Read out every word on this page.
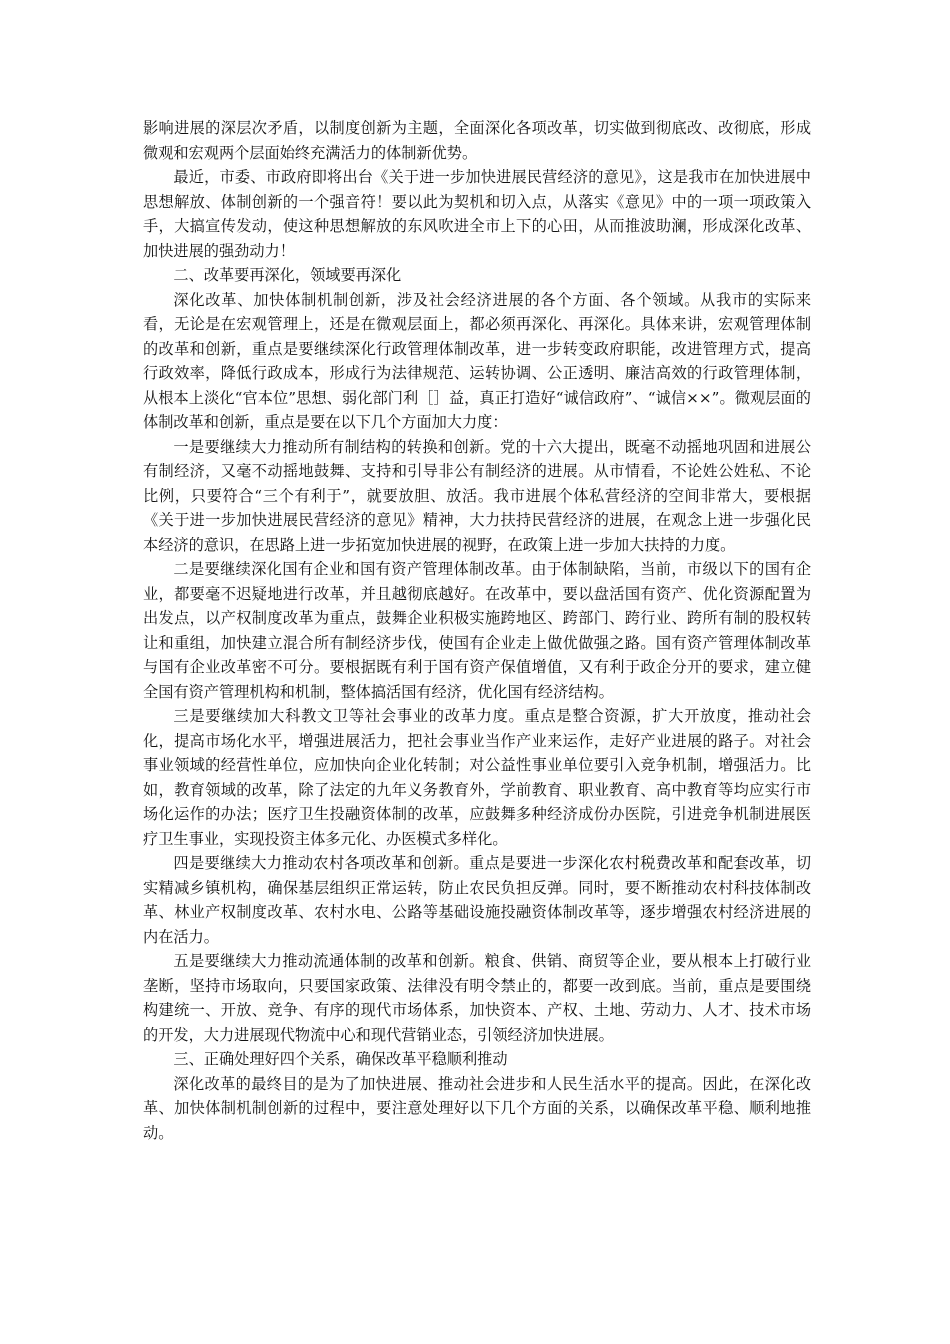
影响进展的深层次矛盾，以制度创新为主题，全面深化各项改革，切实做到彻底改、改彻底，形成微观和宏观两个层面始终充满活力的体制新优势。

最近，市委、市政府即将出台《关于进一步加快进展民营经济的意见》，这是我市在加快进展中思想解放、体制创新的一个强音符！要以此为契机和切入点，从落实《意见》中的一项一项政策入手，大搞宣传发动，使这种思想解放的东风吹进全市上下的心田，从而推波助澜，形成深化改革、加快进展的强劲动力！

二、改革要再深化，领域要再深化

深化改革、加快体制机制创新，涉及社会经济进展的各个方面、各个领域。从我市的实际来看，无论是在宏观管理上，还是在微观层面上，都必须再深化、再深化。具体来讲，宏观管理体制的改革和创新，重点是要继续深化行政管理体制改革，进一步转变政府职能，改进管理方式，提高行政效率，降低行政成本，形成行为法律规范、运转协调、公正透明、廉洁高效的行政管理体制，从根本上淡化“官本位”思想、弱化部门利［］益，真正打造好“诚信政府”、“诚信××”。微观层面的体制改革和创新，重点是要在以下几个方面加大力度：

一是要继续大力推动所有制结构的转换和创新。党的十六大提出，既毫不动摇地巩固和进展公有制经济，又毫不动摇地鼓舞、支持和引导非公有制经济的进展。从市情看，不论姓公姓私、不论比例，只要符合“三个有利于”，就要放胆、放活。我市进展个体私营经济的空间非常大，要根据《关于进一步加快进展民营经济的意见》精神，大力扶持民营经济的进展，在观念上进一步强化民本经济的意识，在思路上进一步拓宽加快进展的视野，在政策上进一步加大扶持的力度。

二是要继续深化国有企业和国有资产管理体制改革。由于体制缺陷，当前，市级以下的国有企业，都要毫不迟疑地进行改革，并且越彻底越好。在改革中，要以盘活国有资产、优化资源配置为出发点，以产权制度改革为重点，鼓舞企业积极实施跨地区、跨部门、跨行业、跨所有制的股权转让和重组，加快建立混合所有制经济步伐，使国有企业走上做优做强之路。国有资产管理体制改革与国有企业改革密不可分。要根据既有利于国有资产保值增值，又有利于政企分开的要求，建立健全国有资产管理机构和机制，整体搞活国有经济，优化国有经济结构。

三是要继续加大科教文卫等社会事业的改革力度。重点是整合资源，扩大开放度，推动社会化，提高市场化水平，增强进展活力，把社会事业当作产业来运作，走好产业进展的路子。对社会事业领域的经营性单位，应加快向企业化转制；对公益性事业单位要引入竞争机制，增强活力。比如，教育领域的改革，除了法定的九年义务教育外，学前教育、职业教育、高中教育等均应实行市场化运作的办法；医疗卫生投融资体制的改革，应鼓舞多种经济成份办医院，引进竞争机制进展医疗卫生事业，实现投资主体多元化、办医模式多样化。

四是要继续大力推动农村各项改革和创新。重点是要进一步深化农村税费改革和配套改革，切实精减乡镇机构，确保基层组织正常运转，防止农民负担反弹。同时，要不断推动农村科技体制改革、林业产权制度改革、农村水电、公路等基础设施投融资体制改革等，逐步增强农村经济进展的内在活力。

五是要继续大力推动流通体制的改革和创新。粮食、供销、商贸等企业，要从根本上打破行业垄断，坚持市场取向，只要国家政策、法律没有明令禁止的，都要一改到底。当前，重点是要围绕构建统一、开放、竞争、有序的现代市场体系，加快资本、产权、土地、劳动力、人才、技术市场的开发，大力进展现代物流中心和现代营销业态，引领经济加快进展。

三、正确处理好四个关系，确保改革平稳顺利推动

深化改革的最终目的是为了加快进展、推动社会进步和人民生活水平的提高。因此，在深化改革、加快体制机制创新的过程中，要注意处理好以下几个方面的关系，以确保改革平稳、顺利地推动。
